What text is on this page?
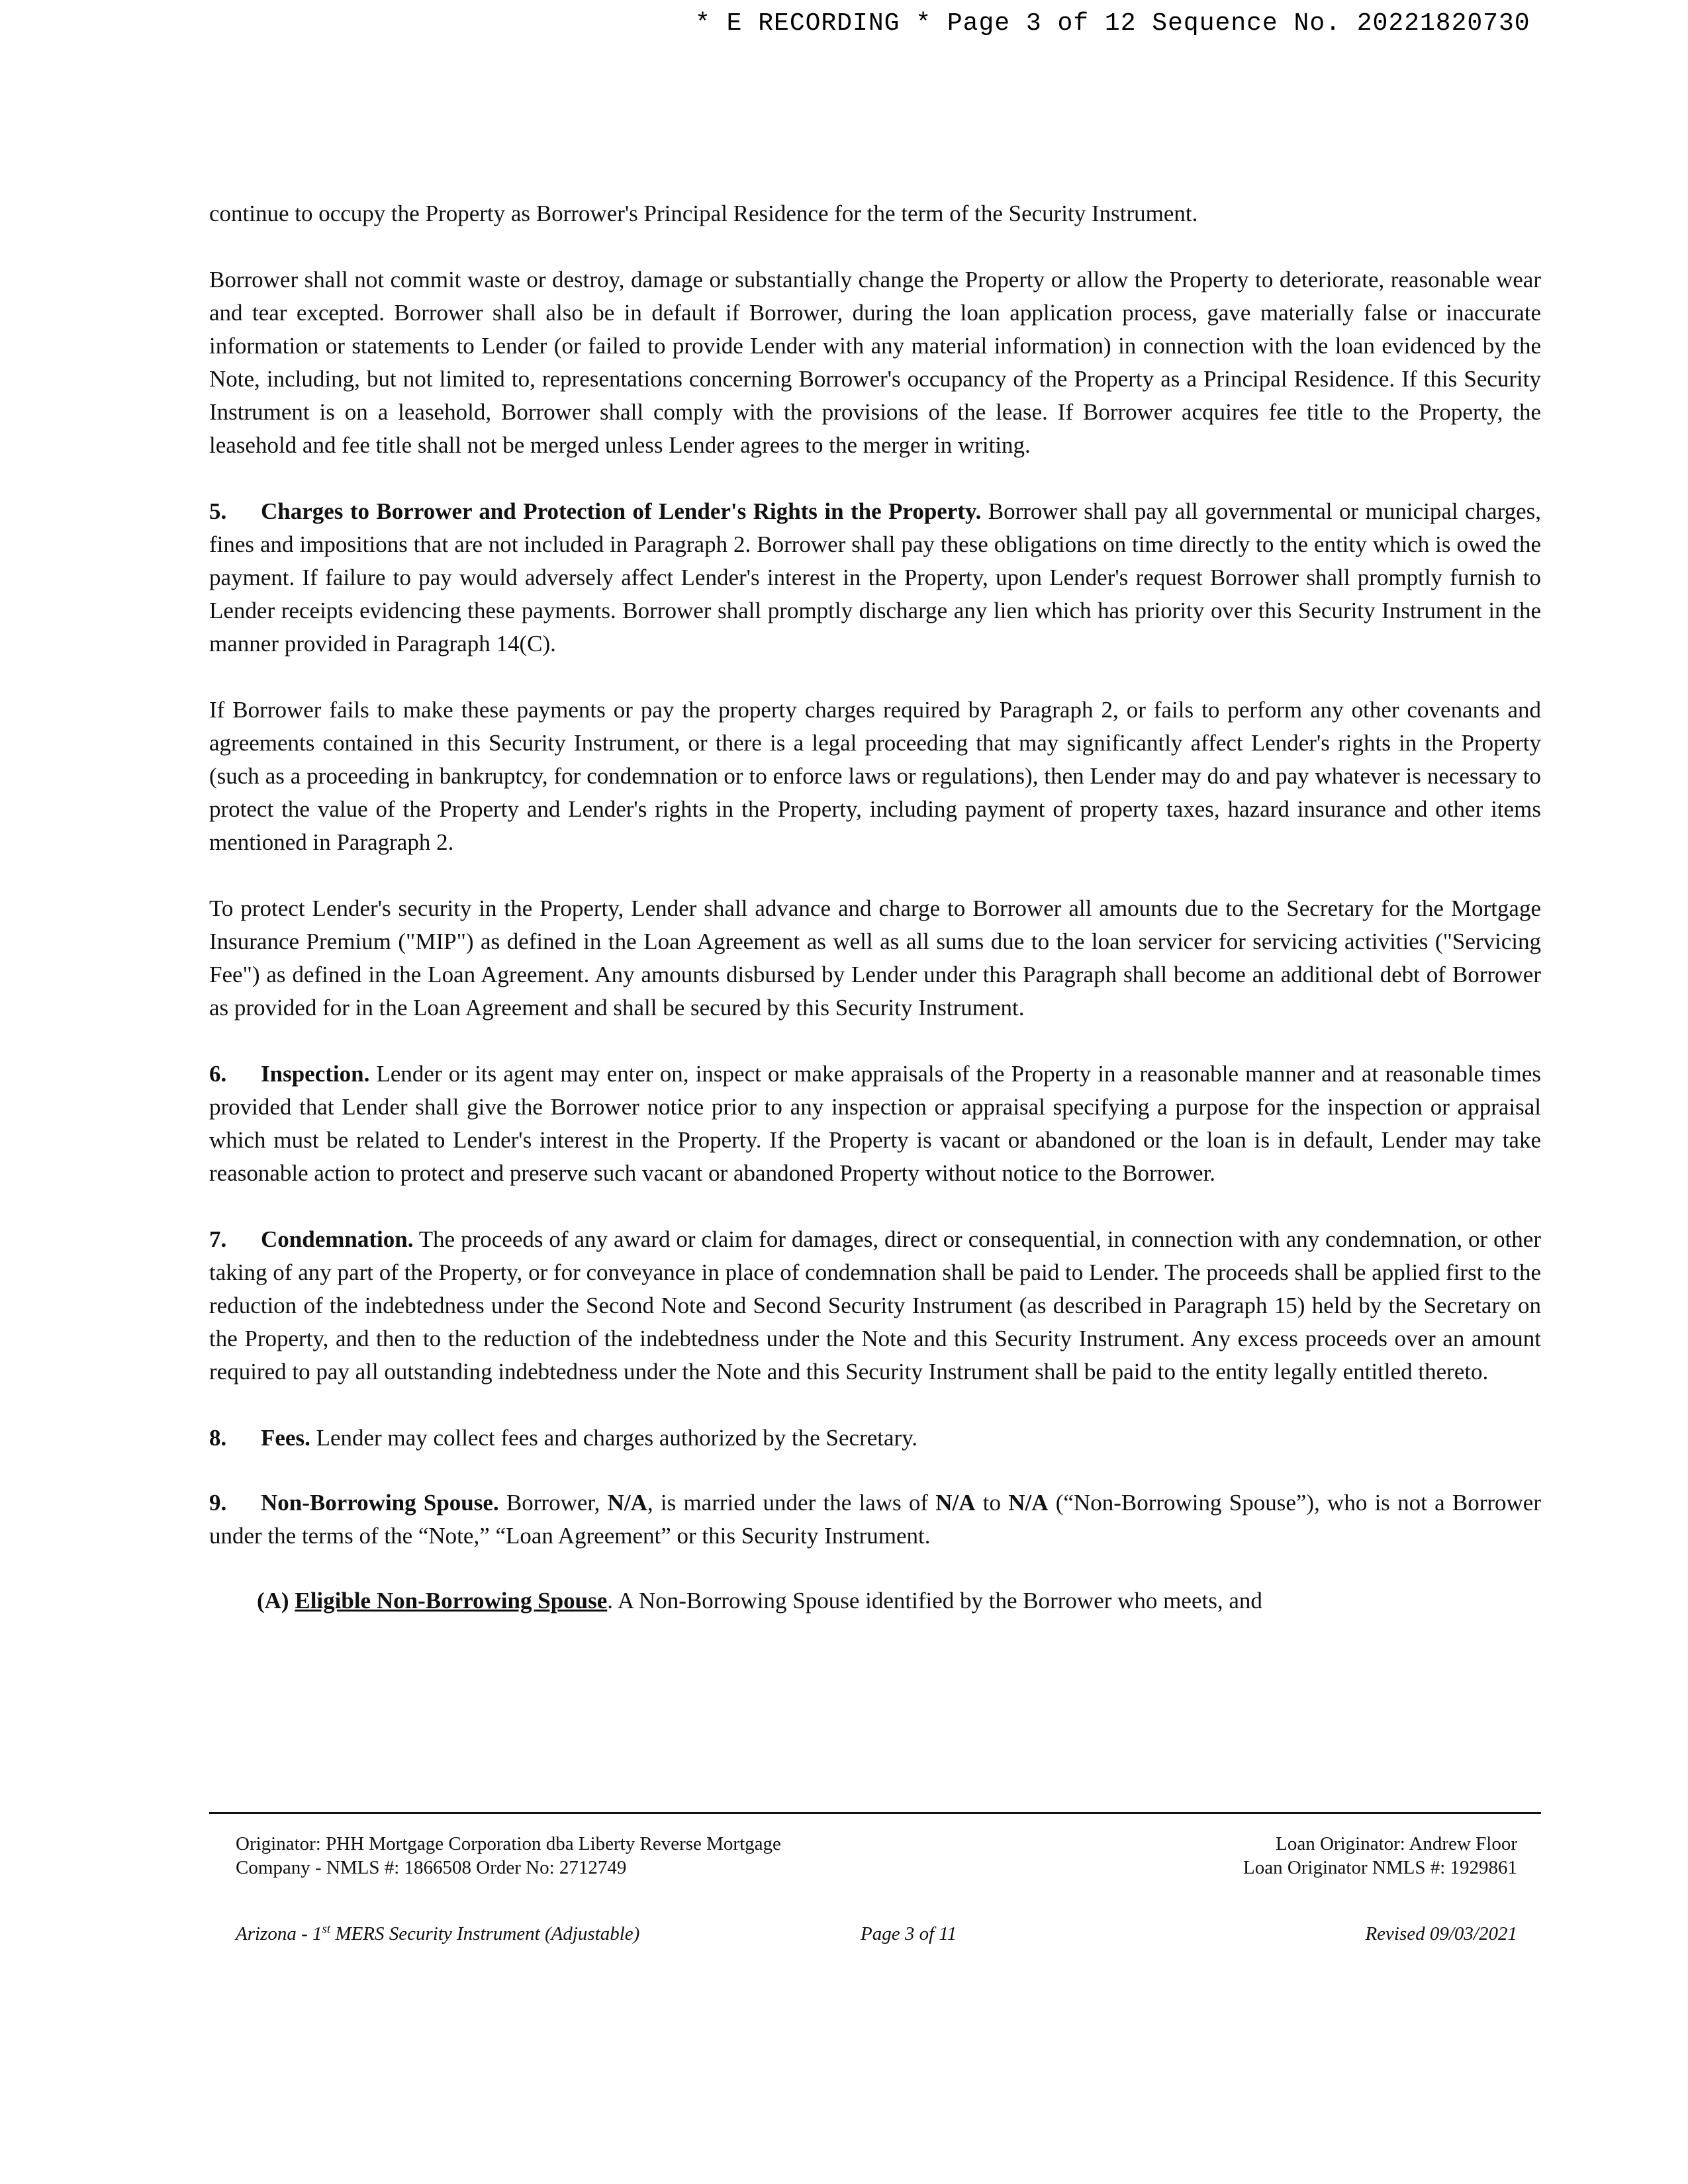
* E RECORDING * Page 3 of 12 Sequence No. 20221820730

continue to occupy the Property as Borrower's Principal Residence for the term of the Security Instrument.

Borrower shall not commit waste or destroy, damage or substantially change the Property or allow the Property to deteriorate, reasonable wear and tear excepted. Borrower shall also be in default if Borrower, during the loan application process, gave materially false or inaccurate information or statements to Lender (or failed to provide Lender with any material information) in connection with the loan evidenced by the Note, including, but not limited to, representations concerning Borrower's occupancy of the Property as a Principal Residence. If this Security Instrument is on a leasehold, Borrower shall comply with the provisions of the lease. If Borrower acquires fee title to the Property, the leasehold and fee title shall not be merged unless Lender agrees to the merger in writing.

5. Charges to Borrower and Protection of Lender's Rights in the Property. Borrower shall pay all governmental or municipal charges, fines and impositions that are not included in Paragraph 2. Borrower shall pay these obligations on time directly to the entity which is owed the payment. If failure to pay would adversely affect Lender's interest in the Property, upon Lender's request Borrower shall promptly furnish to Lender receipts evidencing these payments. Borrower shall promptly discharge any lien which has priority over this Security Instrument in the manner provided in Paragraph 14(C).

If Borrower fails to make these payments or pay the property charges required by Paragraph 2, or fails to perform any other covenants and agreements contained in this Security Instrument, or there is a legal proceeding that may significantly affect Lender's rights in the Property (such as a proceeding in bankruptcy, for condemnation or to enforce laws or regulations), then Lender may do and pay whatever is necessary to protect the value of the Property and Lender's rights in the Property, including payment of property taxes, hazard insurance and other items mentioned in Paragraph 2.

To protect Lender's security in the Property, Lender shall advance and charge to Borrower all amounts due to the Secretary for the Mortgage Insurance Premium ("MIP") as defined in the Loan Agreement as well as all sums due to the loan servicer for servicing activities ("Servicing Fee") as defined in the Loan Agreement. Any amounts disbursed by Lender under this Paragraph shall become an additional debt of Borrower as provided for in the Loan Agreement and shall be secured by this Security Instrument.

6. Inspection. Lender or its agent may enter on, inspect or make appraisals of the Property in a reasonable manner and at reasonable times provided that Lender shall give the Borrower notice prior to any inspection or appraisal specifying a purpose for the inspection or appraisal which must be related to Lender's interest in the Property. If the Property is vacant or abandoned or the loan is in default, Lender may take reasonable action to protect and preserve such vacant or abandoned Property without notice to the Borrower.

7. Condemnation. The proceeds of any award or claim for damages, direct or consequential, in connection with any condemnation, or other taking of any part of the Property, or for conveyance in place of condemnation shall be paid to Lender. The proceeds shall be applied first to the reduction of the indebtedness under the Second Note and Second Security Instrument (as described in Paragraph 15) held by the Secretary on the Property, and then to the reduction of the indebtedness under the Note and this Security Instrument. Any excess proceeds over an amount required to pay all outstanding indebtedness under the Note and this Security Instrument shall be paid to the entity legally entitled thereto.

8. Fees. Lender may collect fees and charges authorized by the Secretary.

9. Non-Borrowing Spouse. Borrower, N/A, is married under the laws of N/A to N/A (“Non-Borrowing Spouse”), who is not a Borrower under the terms of the “Note,” “Loan Agreement” or this Security Instrument.

(A) Eligible Non-Borrowing Spouse. A Non-Borrowing Spouse identified by the Borrower who meets, and

Originator: PHH Mortgage Corporation dba Liberty Reverse Mortgage
Company - NMLS #: 1866508 Order No: 2712749
Loan Originator: Andrew Floor
Loan Originator NMLS #: 1929861
Arizona - 1st MERS Security Instrument (Adjustable)	Page 3 of 11	Revised 09/03/2021
